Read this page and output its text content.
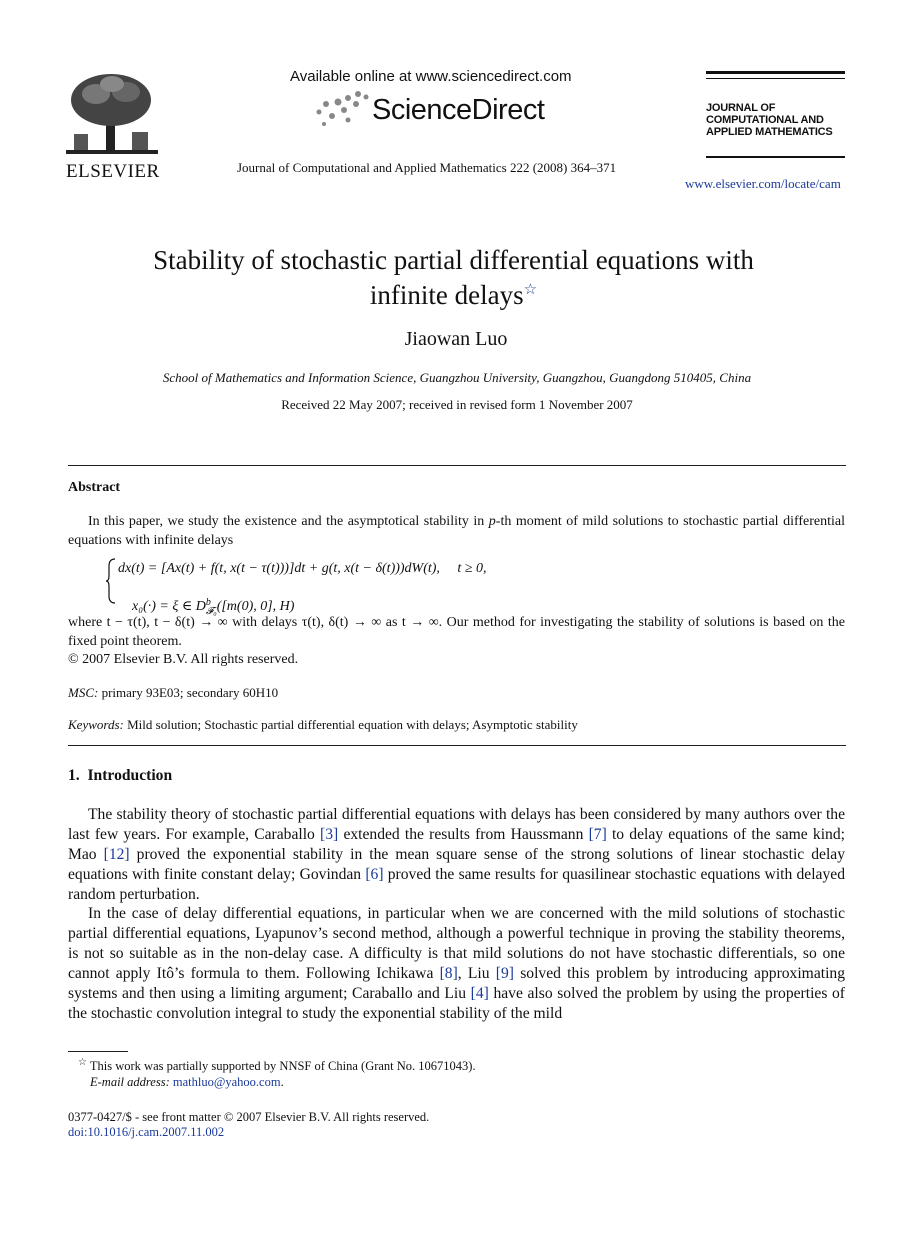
ELSEVIER
Available online at www.sciencedirect.com
ScienceDirect
Journal of Computational and Applied Mathematics 222 (2008) 364–371
JOURNAL OF
COMPUTATIONAL AND
APPLIED MATHEMATICS
www.elsevier.com/locate/cam
Stability of stochastic partial differential equations with
infinite delays☆
Jiaowan Luo
School of Mathematics and Information Science, Guangzhou University, Guangzhou, Guangdong 510405, China
Received 22 May 2007; received in revised form 1 November 2007
Abstract
In this paper, we study the existence and the asymptotical stability in p-th moment of mild solutions to stochastic partial differential equations with infinite delays
dx(t) = [Ax(t) + f(t, x(t − τ(t)))]dt + g(t, x(t − δ(t)))dW(t),     t ≥ 0,

x₀(·) = ξ ∈ D b
𝓕₀ ([m(0), 0], H)

where t − τ(t), t − δ(t) → ∞ with delays τ(t), δ(t) → ∞ as t → ∞. Our method for investigating the stability of solutions is based on the fixed point theorem.
© 2007 Elsevier B.V. All rights reserved.
MSC: primary 93E03; secondary 60H10
Keywords: Mild solution; Stochastic partial differential equation with delays; Asymptotic stability
1.  Introduction
The stability theory of stochastic partial differential equations with delays has been considered by many authors over the last few years. For example, Caraballo [3] extended the results from Haussmann [7] to delay equations of the same kind; Mao [12] proved the exponential stability in the mean square sense of the strong solutions of linear stochastic delay equations with finite constant delay; Govindan [6] proved the same results for quasilinear stochastic equations with delayed random perturbation.
In the case of delay differential equations, in particular when we are concerned with the mild solutions of stochastic partial differential equations, Lyapunov’s second method, although a powerful technique in proving the stability theorems, is not so suitable as in the non-delay case. A difficulty is that mild solutions do not have stochastic differentials, so one cannot apply Itô’s formula to them. Following Ichikawa [8], Liu [9] solved this problem by introducing approximating systems and then using a limiting argument; Caraballo and Liu [4] have also solved the problem by using the properties of the stochastic convolution integral to study the exponential stability of the mild
☆ This work was partially supported by NNSF of China (Grant No. 10671043).
E-mail address: mathluo@yahoo.com.
0377-0427/$ - see front matter © 2007 Elsevier B.V. All rights reserved.
doi:10.1016/j.cam.2007.11.002
